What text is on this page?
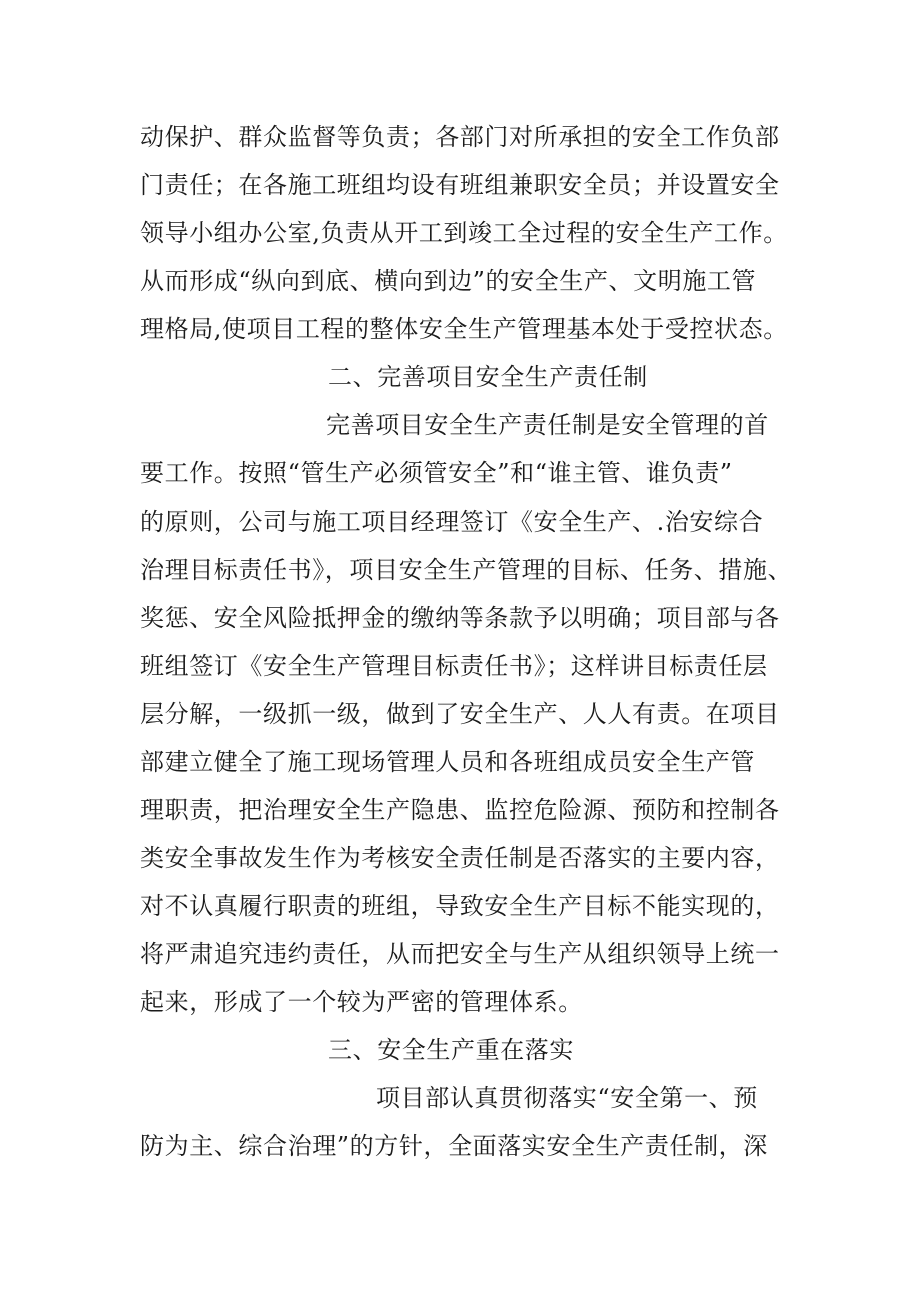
动保护、群众监督等负责；各部门对所承担的安全工作负部
门责任；在各施工班组均设有班组兼职安全员；并设置安全
领导小组办公室,负责从开工到竣工全过程的安全生产工作。
从而形成“纵向到底、横向到边”的安全生产、文明施工管
理格局,使项目工程的整体安全生产管理基本处于受控状态。
二、完善项目安全生产责任制
完善项目安全生产责任制是安全管理的首
要工作。按照“管生产必须管安全”和“谁主管、谁负责”
的原则，公司与施工项目经理签订《安全生产、.治安综合
治理目标责任书》，项目安全生产管理的目标、任务、措施、
奖惩、安全风险抵押金的缴纳等条款予以明确；项目部与各
班组签订《安全生产管理目标责任书》；这样讲目标责任层
层分解，一级抓一级，做到了安全生产、人人有责。在项目
部建立健全了施工现场管理人员和各班组成员安全生产管
理职责，把治理安全生产隐患、监控危险源、预防和控制各
类安全事故发生作为考核安全责任制是否落实的主要内容，
对不认真履行职责的班组，导致安全生产目标不能实现的，
将严肃追究违约责任，从而把安全与生产从组织领导上统一
起来，形成了一个较为严密的管理体系。
三、安全生产重在落实
项目部认真贯彻落实“安全第一、预
防为主、综合治理”的方针，全面落实安全生产责任制，深
